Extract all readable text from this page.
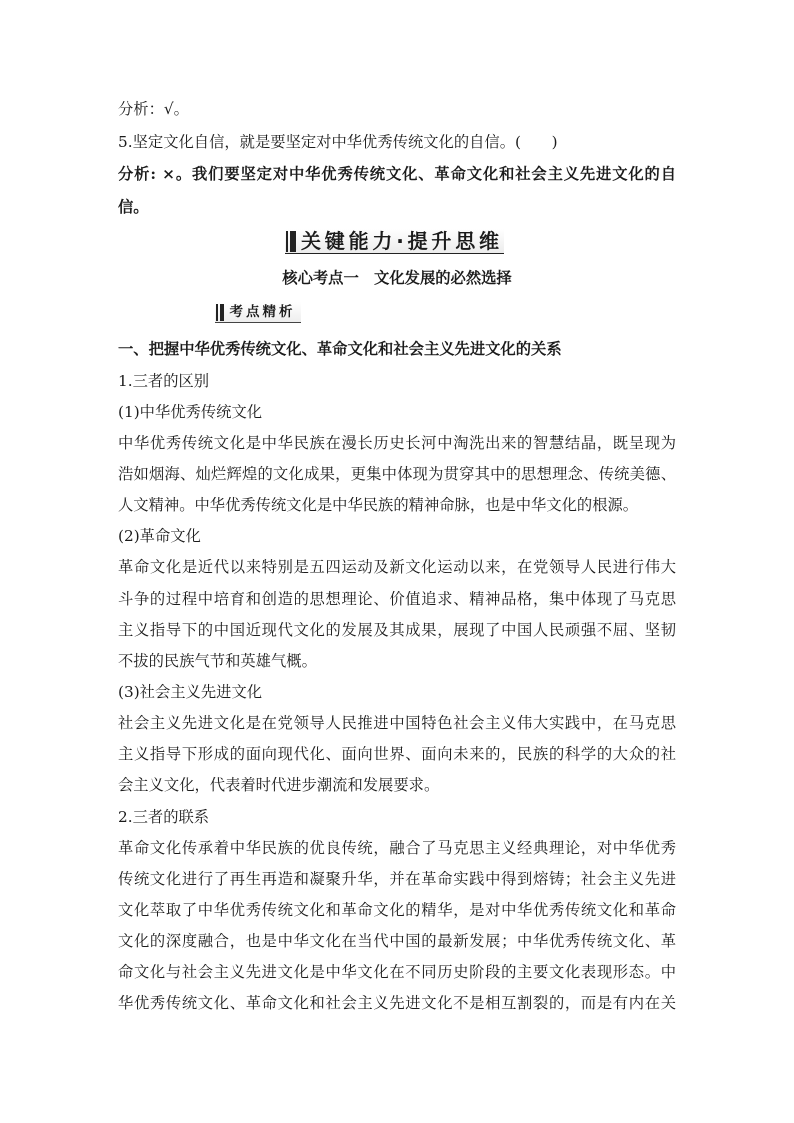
分析：√。
5.坚定文化自信，就是要坚定对中华优秀传统文化的自信。(　　)
分析: ×。我们要坚定对中华优秀传统文化、革命文化和社会主义先进文化的自
信。
关键能力·提升思维
核心考点一　文化发展的必然选择
考点精析
一、把握中华优秀传统文化、革命文化和社会主义先进文化的关系
1.三者的区别
(1)中华优秀传统文化
中华优秀传统文化是中华民族在漫长历史长河中淘洗出来的智慧结晶，既呈现为
浩如烟海、灿烂辉煌的文化成果，更集中体现为贯穿其中的思想理念、传统美德、
人文精神。中华优秀传统文化是中华民族的精神命脉，也是中华文化的根源。
(2)革命文化
革命文化是近代以来特别是五四运动及新文化运动以来，在党领导人民进行伟大
斗争的过程中培育和创造的思想理论、价值追求、精神品格，集中体现了马克思
主义指导下的中国近现代文化的发展及其成果，展现了中国人民顽强不屈、坚韧
不拔的民族气节和英雄气概。
(3)社会主义先进文化
社会主义先进文化是在党领导人民推进中国特色社会主义伟大实践中，在马克思
主义指导下形成的面向现代化、面向世界、面向未来的，民族的科学的大众的社
会主义文化，代表着时代进步潮流和发展要求。
2.三者的联系
革命文化传承着中华民族的优良传统，融合了马克思主义经典理论，对中华优秀
传统文化进行了再生再造和凝聚升华，并在革命实践中得到熔铸；社会主义先进
文化萃取了中华优秀传统文化和革命文化的精华，是对中华优秀传统文化和革命
文化的深度融合，也是中华文化在当代中国的最新发展；中华优秀传统文化、革
命文化与社会主义先进文化是中华文化在不同历史阶段的主要文化表现形态。中
华优秀传统文化、革命文化和社会主义先进文化不是相互割裂的，而是有内在关
